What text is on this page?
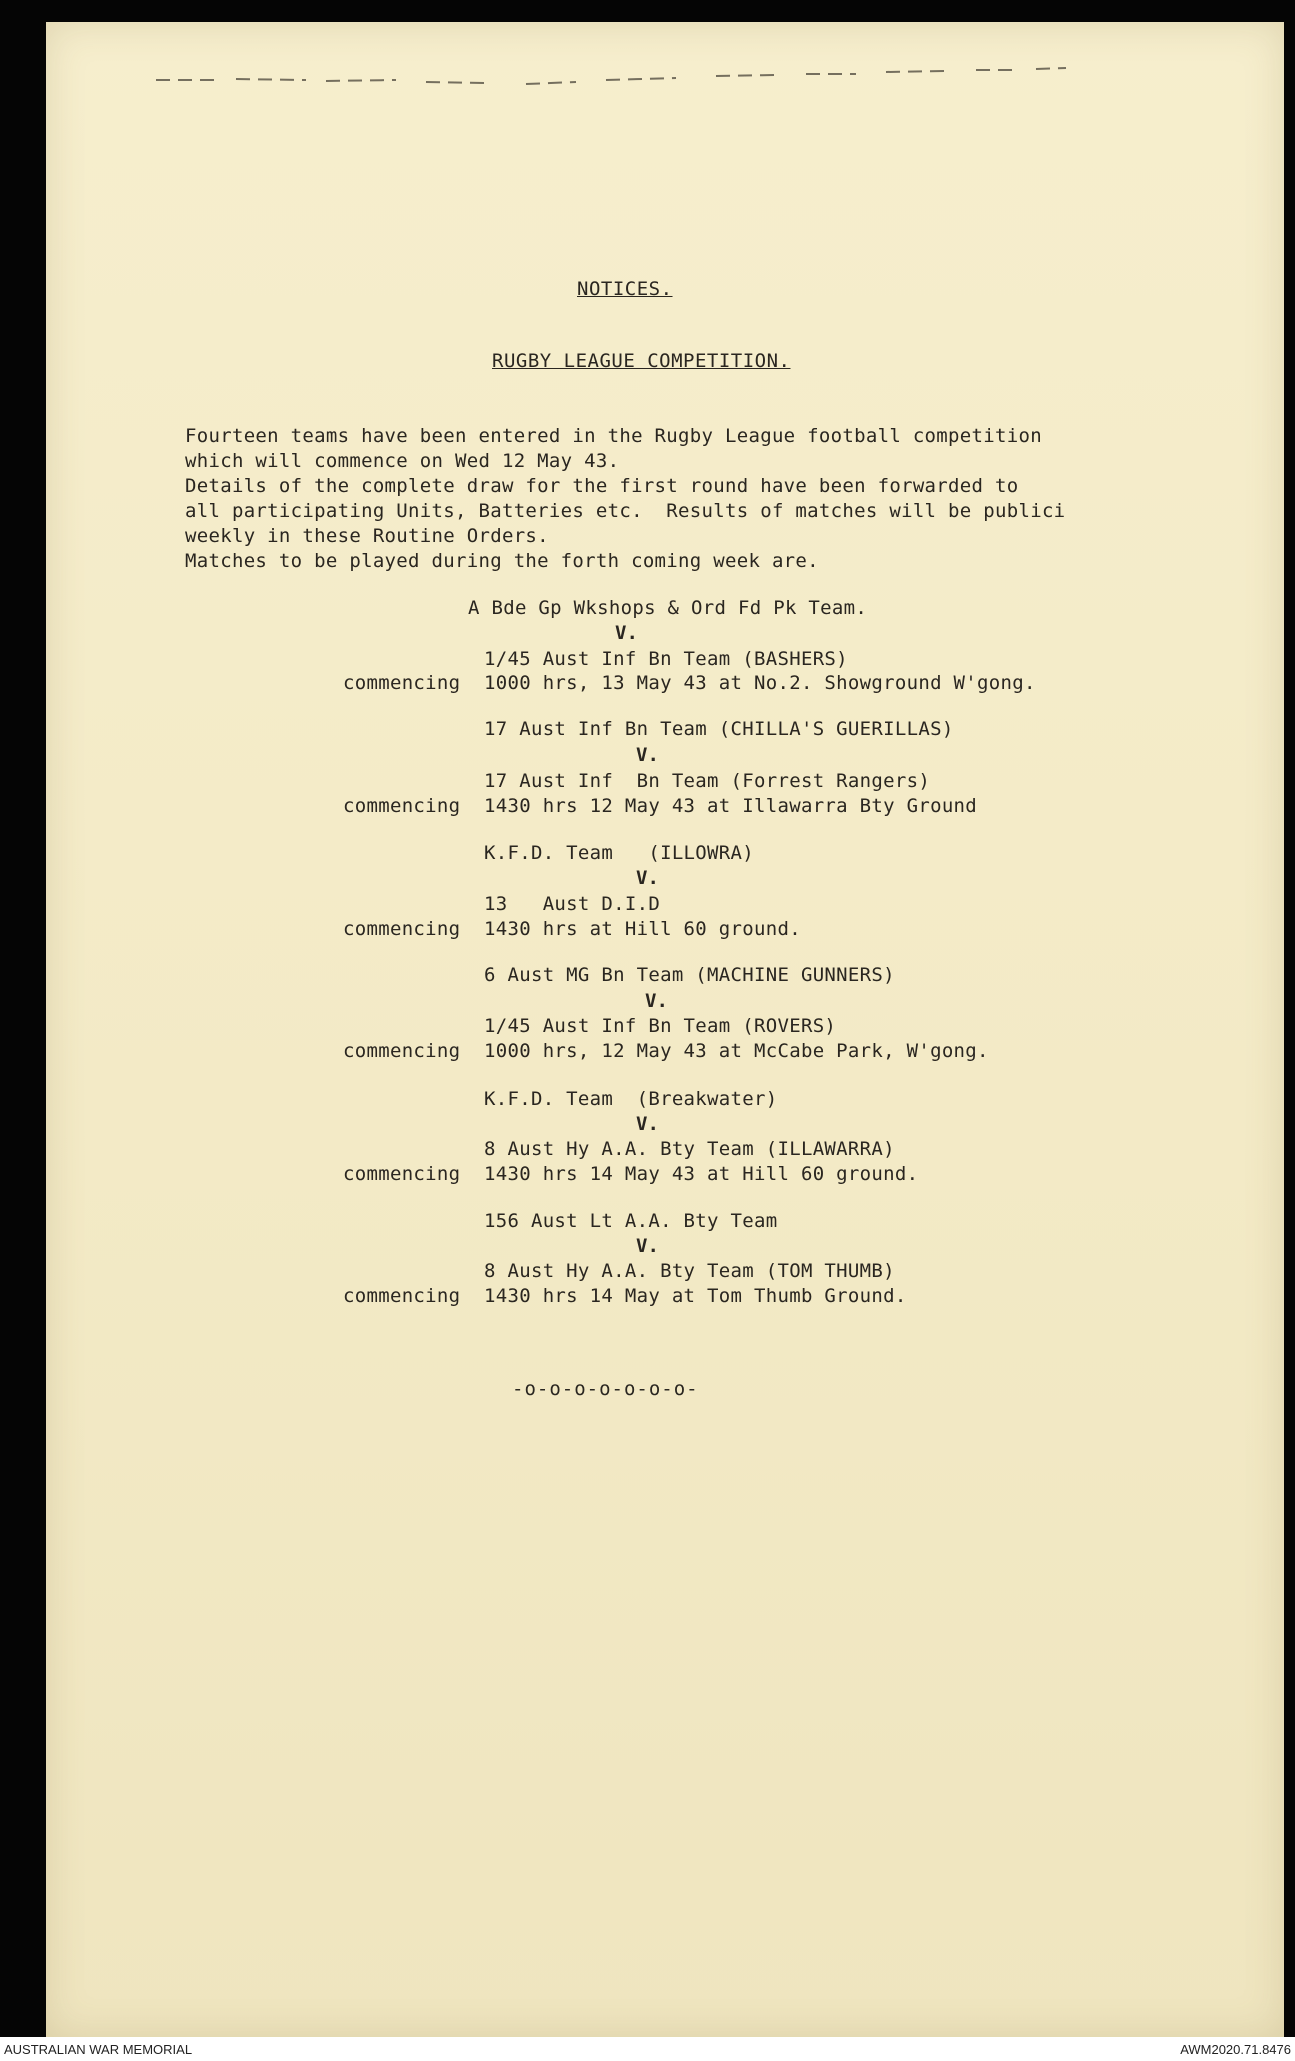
NOTICES.
RUGBY LEAGUE COMPETITION.
Fourteen teams have been entered in the Rugby League football competition
which will commence on Wed 12 May 43.
Details of the complete draw for the first round have been forwarded to
all participating Units, Batteries etc.  Results of matches will be publici
weekly in these Routine Orders.
Matches to be played during the forth coming week are.
A Bde Gp Wkshops & Ord Fd Pk Team.
V.
1/45 Aust Inf Bn Team (BASHERS)
commencing 1000 hrs, 13 May 43 at No.2. Showground W'gong.
17 Aust Inf Bn Team (CHILLA'S GUERILLAS)
V.
17 Aust Inf  Bn Team (Forrest Rangers)
commencing 1430 hrs 12 May 43 at Illawarra Bty Ground
K.F.D. Team   (ILLOWRA)
V.
13   Aust D.I.D
commencing 1430 hrs at Hill 60 ground.
6 Aust MG Bn Team (MACHINE GUNNERS)
V.
1/45 Aust Inf Bn Team (ROVERS)
commencing 1000 hrs, 12 May 43 at McCabe Park, W'gong.
K.F.D. Team  (Breakwater)
V.
8 Aust Hy A.A. Bty Team (ILLAWARRA)
commencing 1430 hrs 14 May 43 at Hill 60 ground.
156 Aust Lt A.A. Bty Team
V.
8 Aust Hy A.A. Bty Team (TOM THUMB)
commencing 1430 hrs 14 May at Tom Thumb Ground.
-o-o-o-o-o-o-o-
AUSTRALIAN WAR MEMORIAL	AWM2020.71.8476
